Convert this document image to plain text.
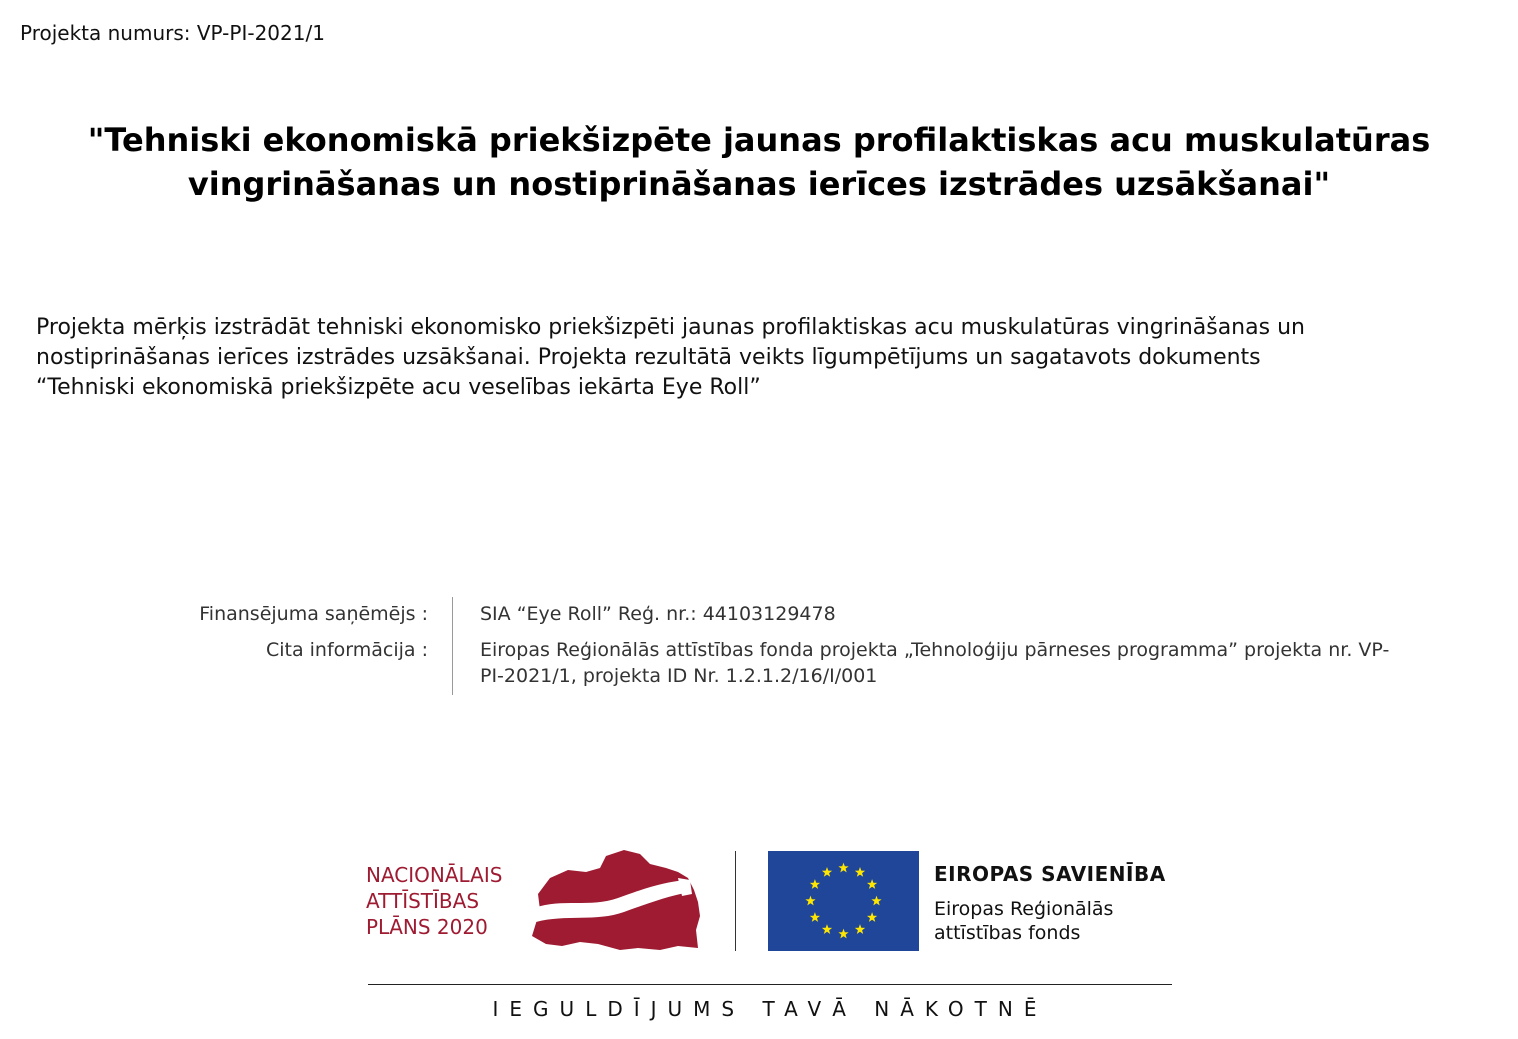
Projekta numurs: VP-PI-2021/1
"Tehniski ekonomiskā priekšizpēte jaunas profilaktiskas acu muskulatūras
vingrināšanas un nostiprināšanas ierīces izstrādes uzsākšanai"

Projekta mērķis izstrādāt tehniski ekonomisko priekšizpēti jaunas profilaktiskas acu muskulatūras vingrināšanas un
nostiprināšanas ierīces izstrādes uzsākšanai. Projekta rezultātā veikts līgumpētījums un sagatavots dokuments
“Tehniski ekonomiskā priekšizpēte acu veselības iekārta Eye Roll”

Finansējuma saņēmējs :	SIA “Eye Roll” Reģ. nr.: 44103129478
Cita informācija :	Eiropas Reģionālās attīstības fonda projekta „Tehnoloģiju pārneses programma” projekta nr. VP-
PI-2021/1, projekta ID Nr. 1.2.1.2/16/I/001
NACIONĀLAIS
ATTĪSTĪBAS
PLĀNS 2020
EIROPAS SAVIENĪBA
Eiropas Reģionālās
attīstības fonds
IEGULDĪJUMS TAVĀ NĀKOTNĒ
